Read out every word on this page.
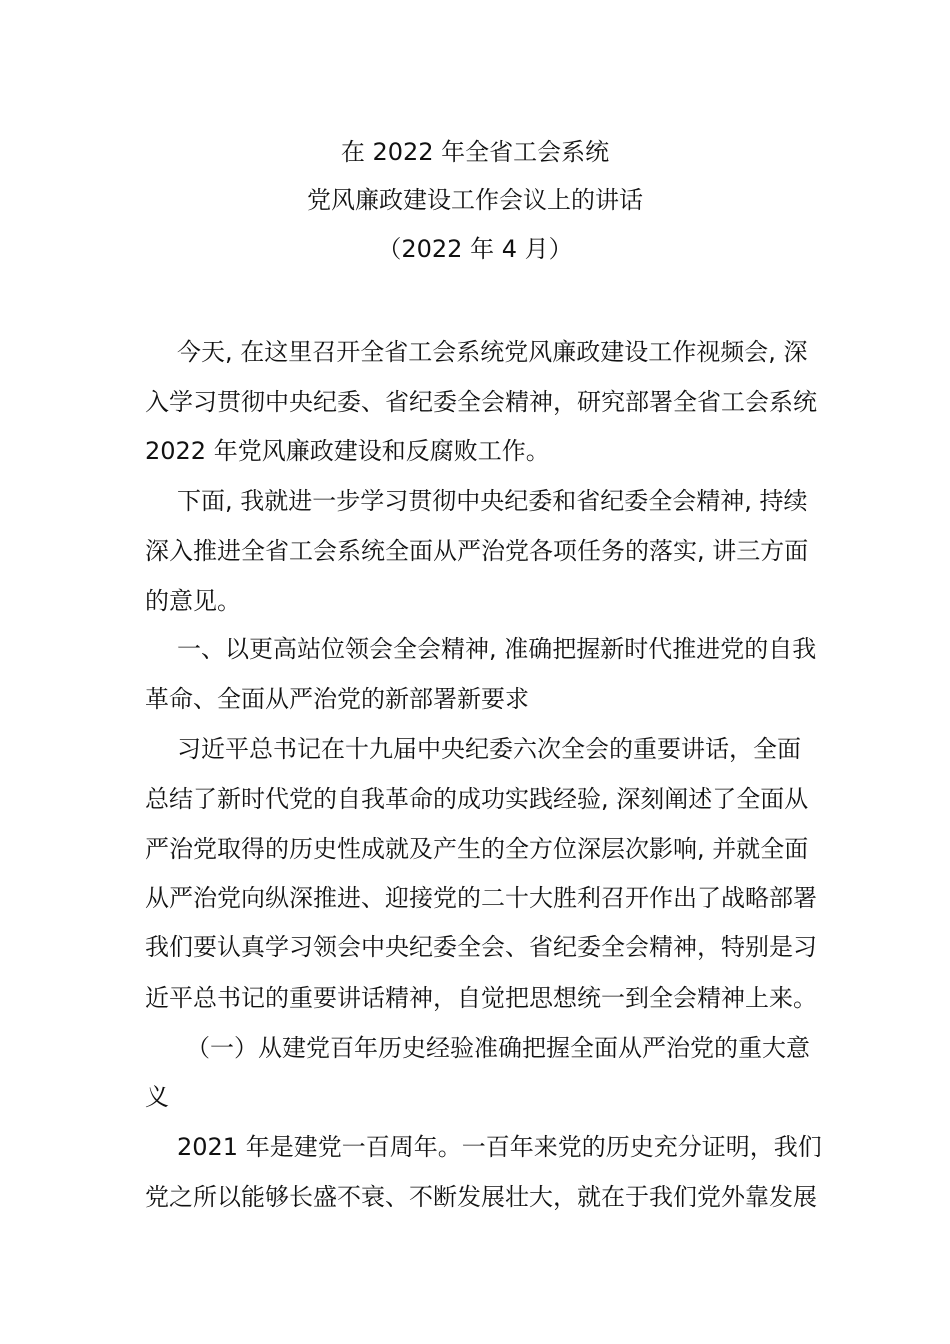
在 2022 年全省工会系统
党风廉政建设工作会议上的讲话
（2022 年 4 月）
今天, 在这里召开全省工会系统党风廉政建设工作视频会, 深
入学习贯彻中央纪委、省纪委全会精神，研究部署全省工会系统
2022 年党风廉政建设和反腐败工作。
下面, 我就进一步学习贯彻中央纪委和省纪委全会精神, 持续
深入推进全省工会系统全面从严治党各项任务的落实, 讲三方面
的意见。
一、以更高站位领会全会精神, 准确把握新时代推进党的自我
革命、全面从严治党的新部署新要求
习近平总书记在十九届中央纪委六次全会的重要讲话，全面
总结了新时代党的自我革命的成功实践经验, 深刻阐述了全面从
严治党取得的历史性成就及产生的全方位深层次影响, 并就全面
从严治党向纵深推进、迎接党的二十大胜利召开作出了战略部署
我们要认真学习领会中央纪委全会、省纪委全会精神，特别是习
近平总书记的重要讲话精神，自觉把思想统一到全会精神上来。
（一）从建党百年历史经验准确把握全面从严治党的重大意
义
2021 年是建党一百周年。一百年来党的历史充分证明，我们
党之所以能够长盛不衰、不断发展壮大，就在于我们党外靠发展
